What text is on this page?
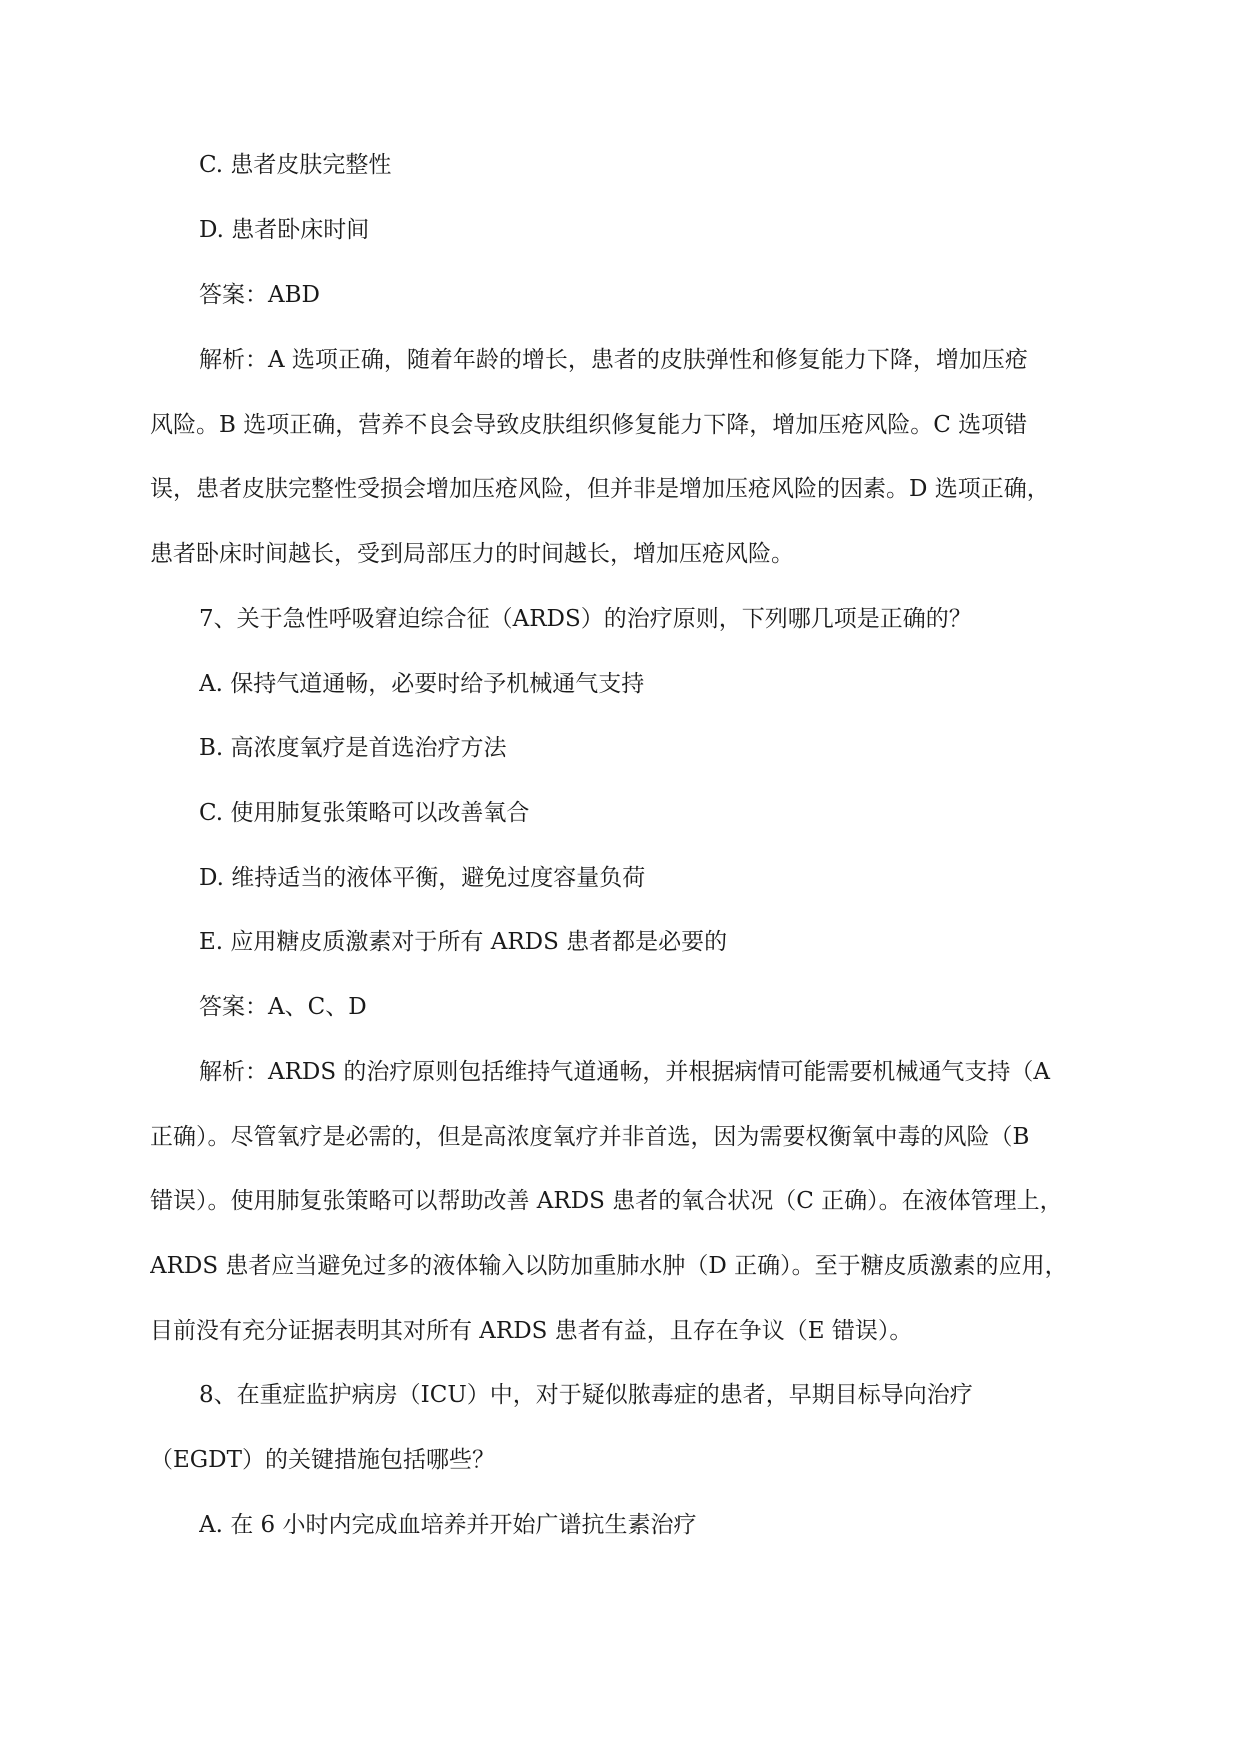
C. 患者皮肤完整性
D. 患者卧床时间
答案：ABD
解析：A 选项正确，随着年龄的增长，患者的皮肤弹性和修复能力下降，增加压疮
风险。B 选项正确，营养不良会导致皮肤组织修复能力下降，增加压疮风险。C 选项错
误，患者皮肤完整性受损会增加压疮风险，但并非是增加压疮风险的因素。D 选项正确，
患者卧床时间越长，受到局部压力的时间越长，增加压疮风险。
7、关于急性呼吸窘迫综合征（ARDS）的治疗原则，下列哪几项是正确的？
A. 保持气道通畅，必要时给予机械通气支持
B. 高浓度氧疗是首选治疗方法
C. 使用肺复张策略可以改善氧合
D. 维持适当的液体平衡，避免过度容量负荷
E. 应用糖皮质激素对于所有 ARDS 患者都是必要的
答案：A、C、D
解析：ARDS 的治疗原则包括维持气道通畅，并根据病情可能需要机械通气支持（A
正确）。尽管氧疗是必需的，但是高浓度氧疗并非首选，因为需要权衡氧中毒的风险（B
错误）。使用肺复张策略可以帮助改善 ARDS 患者的氧合状况（C 正确）。在液体管理上，
ARDS 患者应当避免过多的液体输入以防加重肺水肿（D 正确）。至于糖皮质激素的应用，
目前没有充分证据表明其对所有 ARDS 患者有益，且存在争议（E 错误）。
8、在重症监护病房（ICU）中，对于疑似脓毒症的患者，早期目标导向治疗
（EGDT）的关键措施包括哪些？
A. 在 6 小时内完成血培养并开始广谱抗生素治疗
